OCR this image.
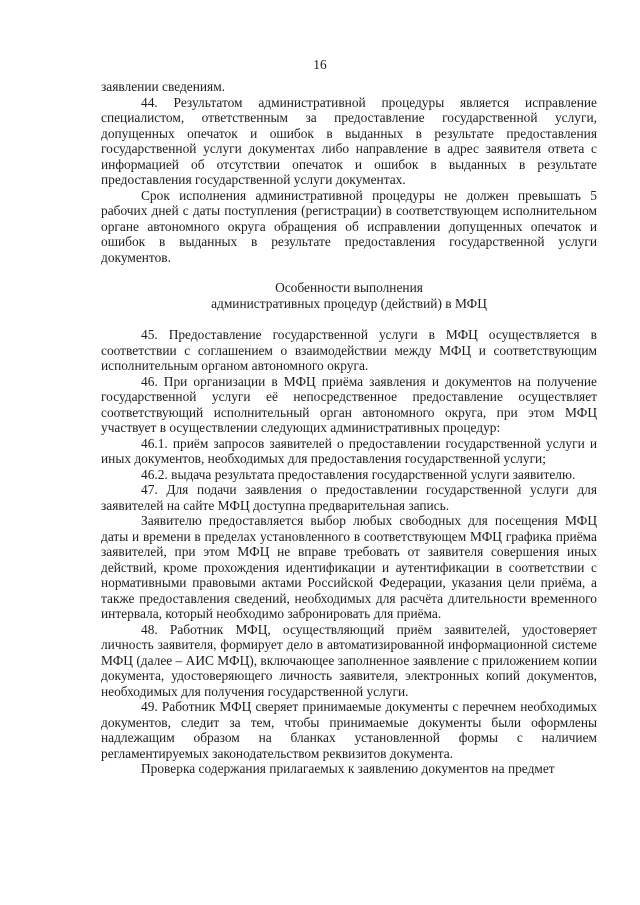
16

заявлении сведениям.

44. Результатом административной процедуры является исправление специалистом, ответственным за предоставление государственной услуги, допущенных опечаток и ошибок в выданных в результате предоставления государственной услуги документах либо направление в адрес заявителя ответа с информацией об отсутствии опечаток и ошибок в выданных в результате предоставления государственной услуги документах.

Срок исполнения административной процедуры не должен превышать 5 рабочих дней с даты поступления (регистрации) в соответствующем исполнительном органе автономного округа обращения об исправлении допущенных опечаток и ошибок в выданных в результате предоставления государственной услуги документов.

Особенности выполнения
административных процедур (действий) в МФЦ

45. Предоставление государственной услуги в МФЦ осуществляется в соответствии с соглашением о взаимодействии между МФЦ и соответствующим исполнительным органом автономного округа.

46. При организации в МФЦ приёма заявления и документов на получение государственной услуги её непосредственное предоставление осуществляет соответствующий исполнительный орган автономного округа, при этом МФЦ участвует в осуществлении следующих административных процедур:

46.1. приём запросов заявителей о предоставлении государственной услуги и иных документов, необходимых для предоставления государственной услуги;

46.2. выдача результата предоставления государственной услуги заявителю.

47. Для подачи заявления о предоставлении государственной услуги для заявителей на сайте МФЦ доступна предварительная запись.

Заявителю предоставляется выбор любых свободных для посещения МФЦ даты и времени в пределах установленного в соответствующем МФЦ графика приёма заявителей, при этом МФЦ не вправе требовать от заявителя совершения иных действий, кроме прохождения идентификации и аутентификации в соответствии с нормативными правовыми актами Российской Федерации, указания цели приёма, а также предоставления сведений, необходимых для расчёта длительности временного интервала, который необходимо забронировать для приёма.

48. Работник МФЦ, осуществляющий приём заявителей, удостоверяет личность заявителя, формирует дело в автоматизированной информационной системе МФЦ (далее – АИС МФЦ), включающее заполненное заявление с приложением копии документа, удостоверяющего личность заявителя, электронных копий документов, необходимых для получения государственной услуги.

49. Работник МФЦ сверяет принимаемые документы с перечнем необходимых документов, следит за тем, чтобы принимаемые документы были оформлены надлежащим образом на бланках установленной формы с наличием регламентируемых законодательством реквизитов документа.

Проверка содержания прилагаемых к заявлению документов на предмет
